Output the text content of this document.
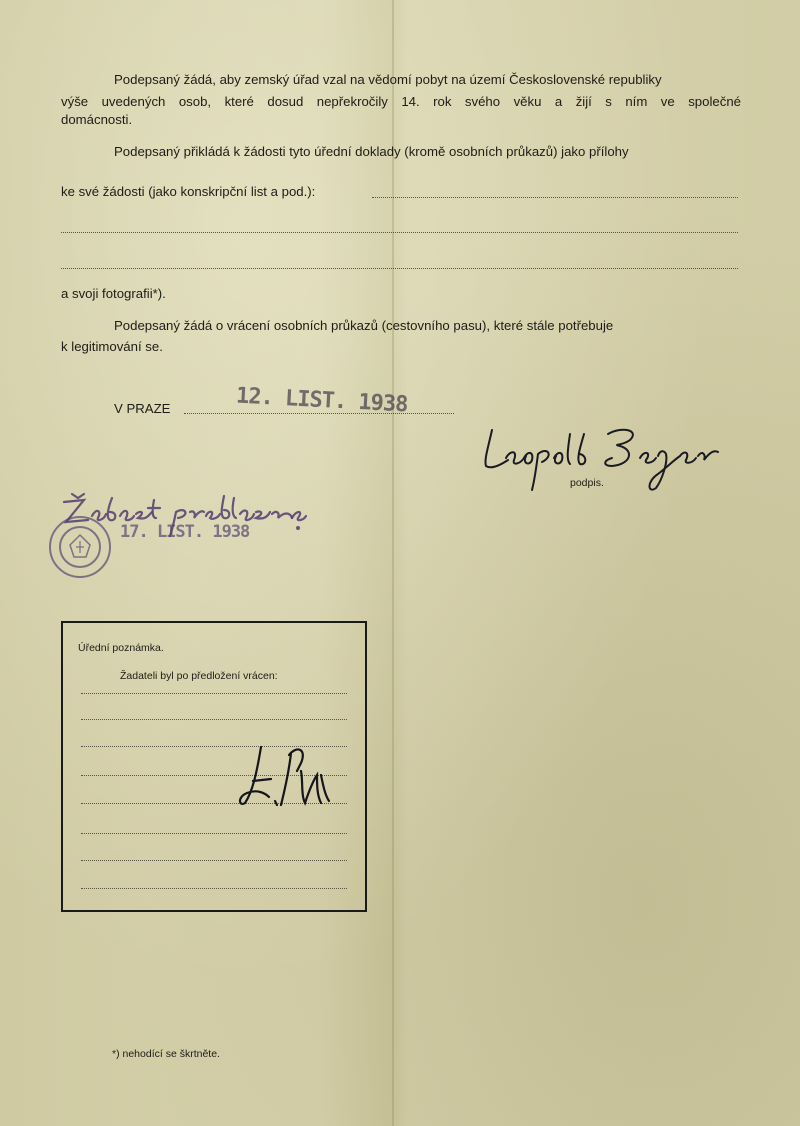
Podepsaný žádá, aby zemský úřad vzal na vědomí pobyt na území Československé republiky
výše uvedených osob, které dosud nepřekročily 14. rok svého věku a žijí s ním ve společné
domácnosti.
Podepsaný přikládá k žádosti tyto úřední doklady (kromě osobních průkazů) jako přílohy
ke své žádosti (jako konskripční list a pod.):
a svoji fotografii*).
Podepsaný žádá o vrácení osobních průkazů (cestovního pasu), které stále potřebuje
k legitimování se.
V PRAZE	12. LIST. 1938
podpis.
17. LIST. 1938
Úřední poznámka.
Žadateli byl po předložení vrácen:
*) nehodící se škrtněte.
